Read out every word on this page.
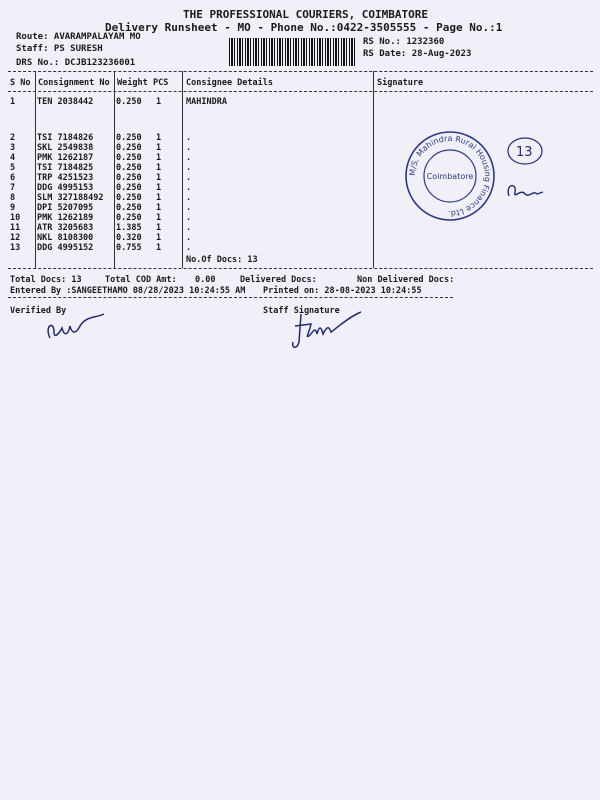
THE PROFESSIONAL COURIERS, COIMBATORE
Delivery Runsheet - MO - Phone No.:0422-3505555 - Page No.:1
Route: AVARAMPALAYAM MO
Staff: PS SURESH
DRS No.: DCJB123236001
RS No.: 1232360
RS Date: 28-Aug-2023
S No Consignment No Weight PCS Consignee Details	Signature
1	TEN 2038442	0.250 1	MAHINDRA
2	TSI 7184826	0.250 1	.
3	SKL 2549838	0.250 1	.
4	PMK 1262187	0.250 1	.
5	TSI 7184825	0.250 1	.
6	TRP 4251523	0.250 1	.
7	DDG 4995153	0.250 1	.
8	SLM 327188492 0.250 1	.
9	DPI 5207095	0.250 1	.
10 PMK 1262189	0.250 1	.
11 ATR 3205683	1.385 1	.
12 NKL 8108300	0.320 1	.
13 DDG 4995152	0.755 1	.
No.Of Docs: 13
M/S. Mahindra Rural Housing Finance Ltd.
Coimbatore
13
Total Docs: 13	Total COD Amt: 0.00	Delivered Docs:	Non Delivered Docs:
Entered By :SANGEETHAMO 08/28/2023 10:24:55 AM Printed on: 28-08-2023 10:24:55
Verified By	Staff Signature
